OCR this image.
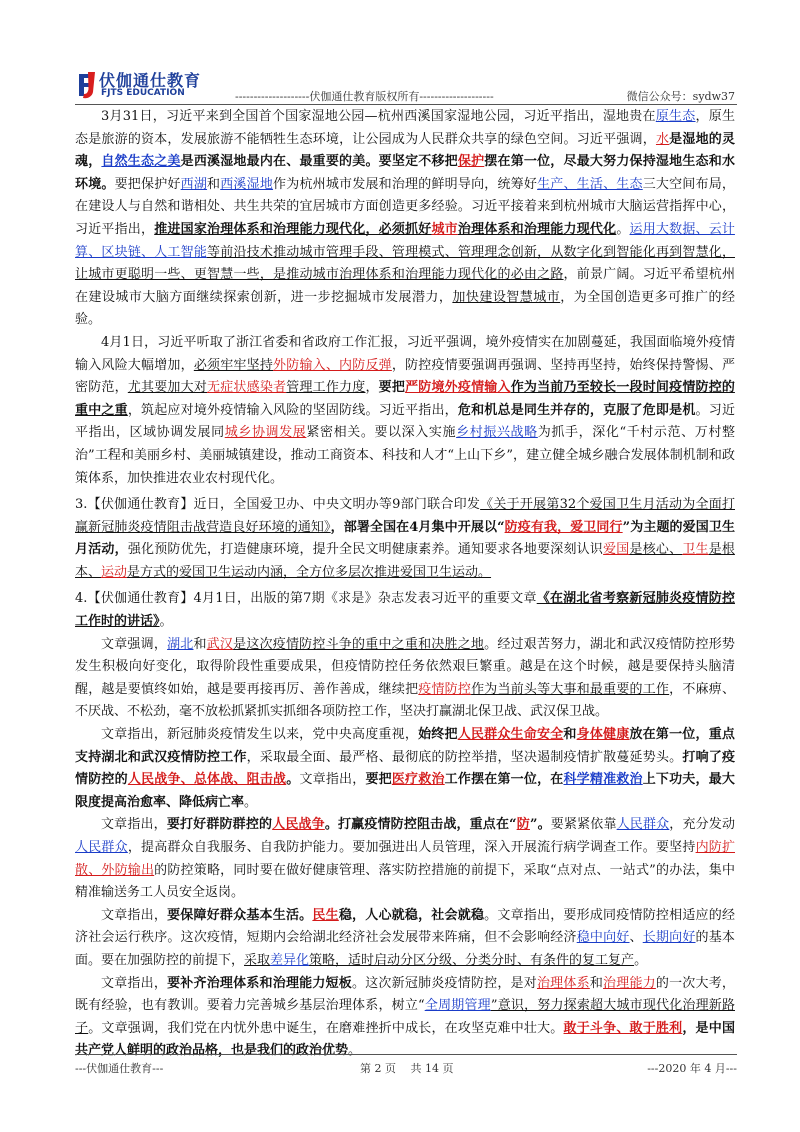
伏伽通仕教育
FJTS EDUCATION	--------------------伏伽通仕教育版权所有--------------------	微信公众号：sydw37

3月31日，习近平来到全国首个国家湿地公园—杭州西溪国家湿地公园，习近平指出，湿地贵在原生态，原生态是旅游的资本，发展旅游不能牺牲生态环境，让公园成为人民群众共享的绿色空间。习近平强调，水是湿地的灵魂，自然生态之美是西溪湿地最内在、最重要的美。要坚定不移把保护摆在第一位，尽最大努力保持湿地生态和水环境。要把保护好西湖和西溪湿地作为杭州城市发展和治理的鲜明导向，统筹好生产、生活、生态三大空间布局，在建设人与自然和谐相处、共生共荣的宜居城市方面创造更多经验。习近平接着来到杭州城市大脑运营指挥中心，习近平指出，推进国家治理体系和治理能力现代化，必须抓好城市治理体系和治理能力现代化。运用大数据、云计算、区块链、人工智能等前沿技术推动城市管理手段、管理模式、管理理念创新，从数字化到智能化再到智慧化，让城市更聪明一些、更智慧一些，是推动城市治理体系和治理能力现代化的必由之路，前景广阔。习近平希望杭州在建设城市大脑方面继续探索创新，进一步挖掘城市发展潜力，加快建设智慧城市，为全国创造更多可推广的经验。

4月1日，习近平听取了浙江省委和省政府工作汇报，习近平强调，境外疫情实在加剧蔓延，我国面临境外疫情输入风险大幅增加，必须牢牢坚持外防输入、内防反弹，防控疫情要强调再强调、坚持再坚持，始终保持警惕、严密防范，尤其要加大对无症状感染者管理工作力度，要把严防境外疫情输入作为当前乃至较长一段时间疫情防控的重中之重，筑起应对境外疫情输入风险的坚固防线。习近平指出，危和机总是同生并存的，克服了危即是机。习近平指出，区域协调发展同城乡协调发展紧密相关。要以深入实施乡村振兴战略为抓手，深化“千村示范、万村整治”工程和美丽乡村、美丽城镇建设，推动工商资本、科技和人才“上山下乡”，建立健全城乡融合发展体制机制和政策体系，加快推进农业农村现代化。

3.【伏伽通仕教育】近日，全国爱卫办、中央文明办等9部门联合印发《关于开展第32个爱国卫生月活动为全面打赢新冠肺炎疫情阻击战营造良好环境的通知》，部署全国在4月集中开展以“防疫有我，爱卫同行”为主题的爱国卫生月活动，强化预防优先，打造健康环境，提升全民文明健康素养。通知要求各地要深刻认识爱国是核心、卫生是根本、运动是方式的爱国卫生运动内涵，全方位多层次推进爱国卫生运动。

4.【伏伽通仕教育】4月1日，出版的第7期《求是》杂志发表习近平的重要文章《在湖北省考察新冠肺炎疫情防控工作时的讲话》。

文章强调，湖北和武汉是这次疫情防控斗争的重中之重和决胜之地。经过艰苦努力，湖北和武汉疫情防控形势发生积极向好变化，取得阶段性重要成果，但疫情防控任务依然艰巨繁重。越是在这个时候，越是要保持头脑清醒，越是要慎终如始，越是要再接再厉、善作善成，继续把疫情防控作为当前头等大事和最重要的工作，不麻痹、不厌战、不松劲，毫不放松抓紧抓实抓细各项防控工作，坚决打赢湖北保卫战、武汉保卫战。

文章指出，新冠肺炎疫情发生以来，党中央高度重视，始终把人民群众生命安全和身体健康放在第一位，重点支持湖北和武汉疫情防控工作，采取最全面、最严格、最彻底的防控举措，坚决遏制疫情扩散蔓延势头。打响了疫情防控的人民战争、总体战、阻击战。文章指出，要把医疗救治工作摆在第一位，在科学精准救治上下功夫，最大限度提高治愈率、降低病亡率。

文章指出，要打好群防群控的人民战争。打赢疫情防控阻击战，重点在“防”。要紧紧依靠人民群众，充分发动人民群众，提高群众自我服务、自我防护能力。要加强进出人员管理，深入开展流行病学调查工作。要坚持内防扩散、外防输出的防控策略，同时要在做好健康管理、落实防控措施的前提下，采取“点对点、一站式”的办法，集中精准输送务工人员安全返岗。

文章指出，要保障好群众基本生活。民生稳，人心就稳，社会就稳。文章指出，要形成同疫情防控相适应的经济社会运行秩序。这次疫情，短期内会给湖北经济社会发展带来阵痛，但不会影响经济稳中向好、长期向好的基本面。要在加强防控的前提下，采取差异化策略，适时启动分区分级、分类分时、有条件的复工复产。

文章指出，要补齐治理体系和治理能力短板。这次新冠肺炎疫情防控，是对治理体系和治理能力的一次大考，既有经验，也有教训。要着力完善城乡基层治理体系，树立“全周期管理”意识，努力探索超大城市现代化治理新路子。文章强调，我们党在内忧外患中诞生，在磨难挫折中成长，在攻坚克难中壮大。敢于斗争、敢于胜利，是中国共产党人鲜明的政治品格，也是我们的政治优势。

---伏伽通仕教育---	第 2 页　 共 14 页	---2020 年 4 月---
